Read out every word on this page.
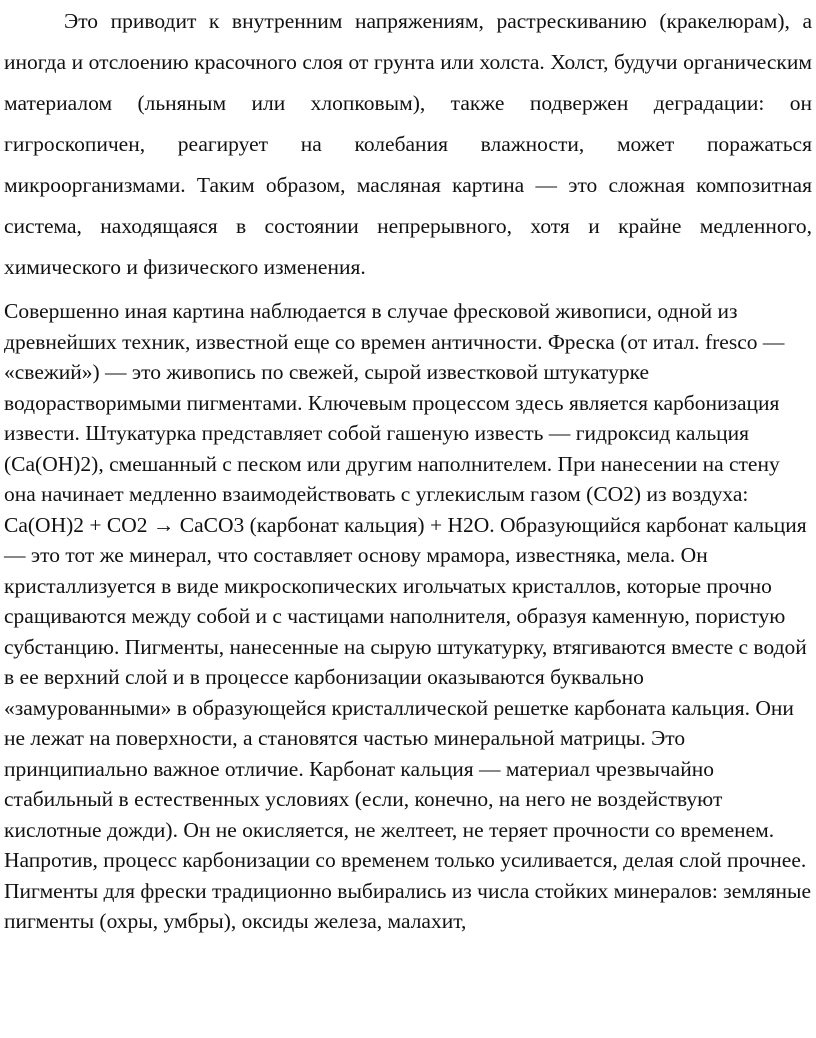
Это приводит к внутренним напряжениям, растрескиванию (кракелюрам), а иногда и отслоению красочного слоя от грунта или холста. Холст, будучи органическим материалом (льняным или хлопковым), также подвержен деградации: он гигроскопичен, реагирует на колебания влажности, может поражаться микроорганизмами. Таким образом, масляная картина — это сложная композитная система, находящаяся в состоянии непрерывного, хотя и крайне медленного, химического и физического изменения.

Совершенно иная картина наблюдается в случае фресковой живописи, одной из древнейших техник, известной еще со времен античности. Фреска (от итал. fresco — «свежий») — это живопись по свежей, сырой известковой штукатурке водорастворимыми пигментами. Ключевым процессом здесь является карбонизация извести. Штукатурка представляет собой гашеную известь — гидроксид кальция (Ca(OH)2), смешанный с песком или другим наполнителем. При нанесении на стену она начинает медленно взаимодействовать с углекислым газом (CO2) из воздуха: Ca(OH)2 + CO2 → CaCO3 (карбонат кальция) + H2O. Образующийся карбонат кальция — это тот же минерал, что составляет основу мрамора, известняка, мела. Он кристаллизуется в виде микроскопических игольчатых кристаллов, которые прочно сращиваются между собой и с частицами наполнителя, образуя каменную, пористую субстанцию. Пигменты, нанесенные на сырую штукатурку, втягиваются вместе с водой в ее верхний слой и в процессе карбонизации оказываются буквально «замурованными» в образующейся кристаллической решетке карбоната кальция. Они не лежат на поверхности, а становятся частью минеральной матрицы. Это принципиально важное отличие. Карбонат кальция — материал чрезвычайно стабильный в естественных условиях (если, конечно, на него не воздействуют кислотные дожди). Он не окисляется, не желтеет, не теряет прочности со временем. Напротив, процесс карбонизации со временем только усиливается, делая слой прочнее. Пигменты для фрески традиционно выбирались из числа стойких минералов: земляные пигменты (охры, умбры), оксиды железа, малахит,
